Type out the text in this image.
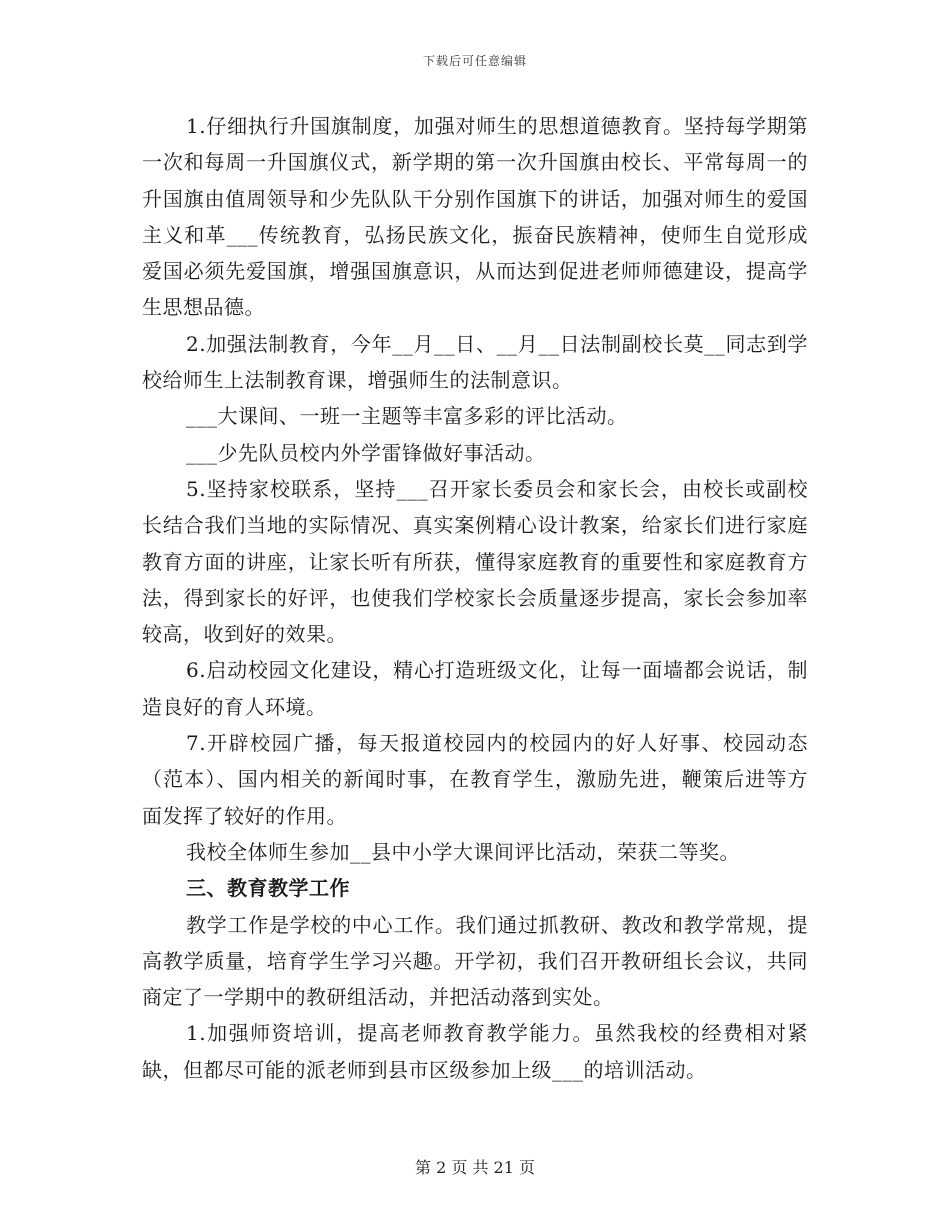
下载后可任意编辑

1.仔细执行升国旗制度，加强对师生的思想道德教育。坚持每学期第一次和每周一升国旗仪式，新学期的第一次升国旗由校长、平常每周一的升国旗由值周领导和少先队队干分别作国旗下的讲话，加强对师生的爱国主义和革___传统教育，弘扬民族文化，振奋民族精神，使师生自觉形成爱国必须先爱国旗，增强国旗意识，从而达到促进老师师德建设，提高学生思想品德。

2.加强法制教育，今年__月__日、__月__日法制副校长莫__同志到学校给师生上法制教育课，增强师生的法制意识。

___大课间、一班一主题等丰富多彩的评比活动。

___少先队员校内外学雷锋做好事活动。

5.坚持家校联系，坚持___召开家长委员会和家长会，由校长或副校长结合我们当地的实际情况、真实案例精心设计教案，给家长们进行家庭教育方面的讲座，让家长听有所获，懂得家庭教育的重要性和家庭教育方法，得到家长的好评，也使我们学校家长会质量逐步提高，家长会参加率较高，收到好的效果。

6.启动校园文化建设，精心打造班级文化，让每一面墙都会说话，制造良好的育人环境。

7.开辟校园广播，每天报道校园内的校园内的好人好事、校园动态（范本）、国内相关的新闻时事，在教育学生，激励先进，鞭策后进等方面发挥了较好的作用。

我校全体师生参加__县中小学大课间评比活动，荣获二等奖。

三、教育教学工作

教学工作是学校的中心工作。我们通过抓教研、教改和教学常规，提高教学质量，培育学生学习兴趣。开学初，我们召开教研组长会议，共同商定了一学期中的教研组活动，并把活动落到实处。

1.加强师资培训，提高老师教育教学能力。虽然我校的经费相对紧缺，但都尽可能的派老师到县市区级参加上级___的培训活动。

第 2 页 共 21 页
